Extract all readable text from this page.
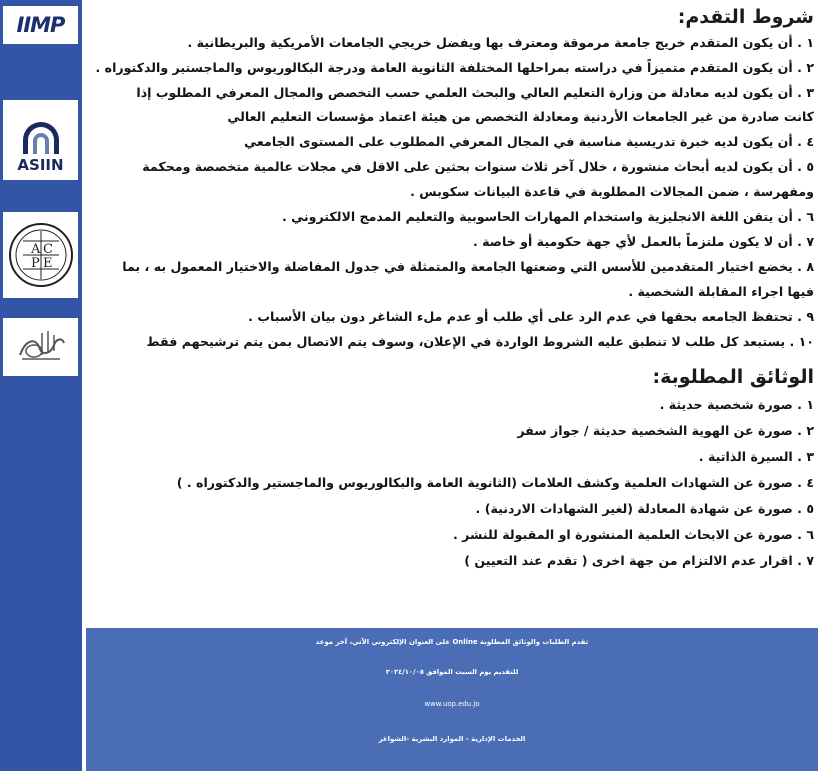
IIMP
ASIIN
A C
P E
شروط التقدم:
١ . أن يكون المتقدم خريج جامعة مرموقة ومعترف بها ويفضل خريجي الجامعات الأمريكية والبريطانية .
٢ . أن يكون المتقدم متميزاً في دراسته بمراحلها المختلفة الثانوية العامة ودرجة البكالوريوس والماجستير والدكتوراه .
٣ . أن يكون لديه معادلة من وزارة التعليم العالي والبحث العلمي حسب التخصص والمجال المعرفي المطلوب إذا
كانت صادرة من غير الجامعات الأردنية ومعادلة التخصص من هيئة اعتماد مؤسسات التعليم العالي
٤ . أن يكون لديه خبرة تدريسية مناسبة في المجال المعرفي المطلوب على المستوى الجامعي
٥ . أن يكون لديه أبحاث منشورة ، خلال آخر ثلاث سنوات بحثين على الاقل في مجلات عالمية متخصصة ومحكمة
ومفهرسة ، ضمن المجالات المطلوبة في قاعدة البيانات سكوبس .
٦ . أن يتقن اللغة الانجليزية واستخدام المهارات الحاسوبية والتعليم المدمج الالكتروني .
٧ . أن لا يكون ملتزماً بالعمل لأي جهة حكومية أو خاصة .
٨ . يخضع اختيار المتقدمين للأسس التي وضعتها الجامعة والمتمثلة في جدول المفاضلة والاختيار المعمول به ، بما
فيها اجراء المقابلة الشخصية .
٩ . تحتفظ الجامعه بحقها في عدم الرد على أي طلب أو عدم ملء الشاغر دون بيان الأسباب .
١٠ . يستبعد كل طلب لا تنطبق عليه الشروط الواردة في الإعلان، وسوف يتم الاتصال بمن يتم ترشيحهم فقط
الوثائق المطلوبة:
١ . صورة شخصية حديثة .
٢ . صورة عن الهوية الشخصية حديثة / جواز سفر
٣ . السيرة الذاتية .
٤ . صورة عن الشهادات العلمية وكشف العلامات (الثانوية العامة والبكالوريوس والماجستير والدكتوراه . )
٥ . صورة عن شهادة المعادلة (لغير الشهادات الاردنية) .
٦ . صورة عن الابحاث العلمية المنشورة او المقبولة للنشر .
٧ . اقرار عدم الالتزام من جهة اخرى ( تقدم عند التعيين )
تقدم الطلبات والوثائق المطلوبة Online على العنوان الإلكتروني الآتي، آخر موعد
للتقديم يوم السبت الموافق ٢٠٢٤/١٠/٠٥
www.uop.edu.jo
الخدمات الإدارية - الموارد البشرية -الشواغر
